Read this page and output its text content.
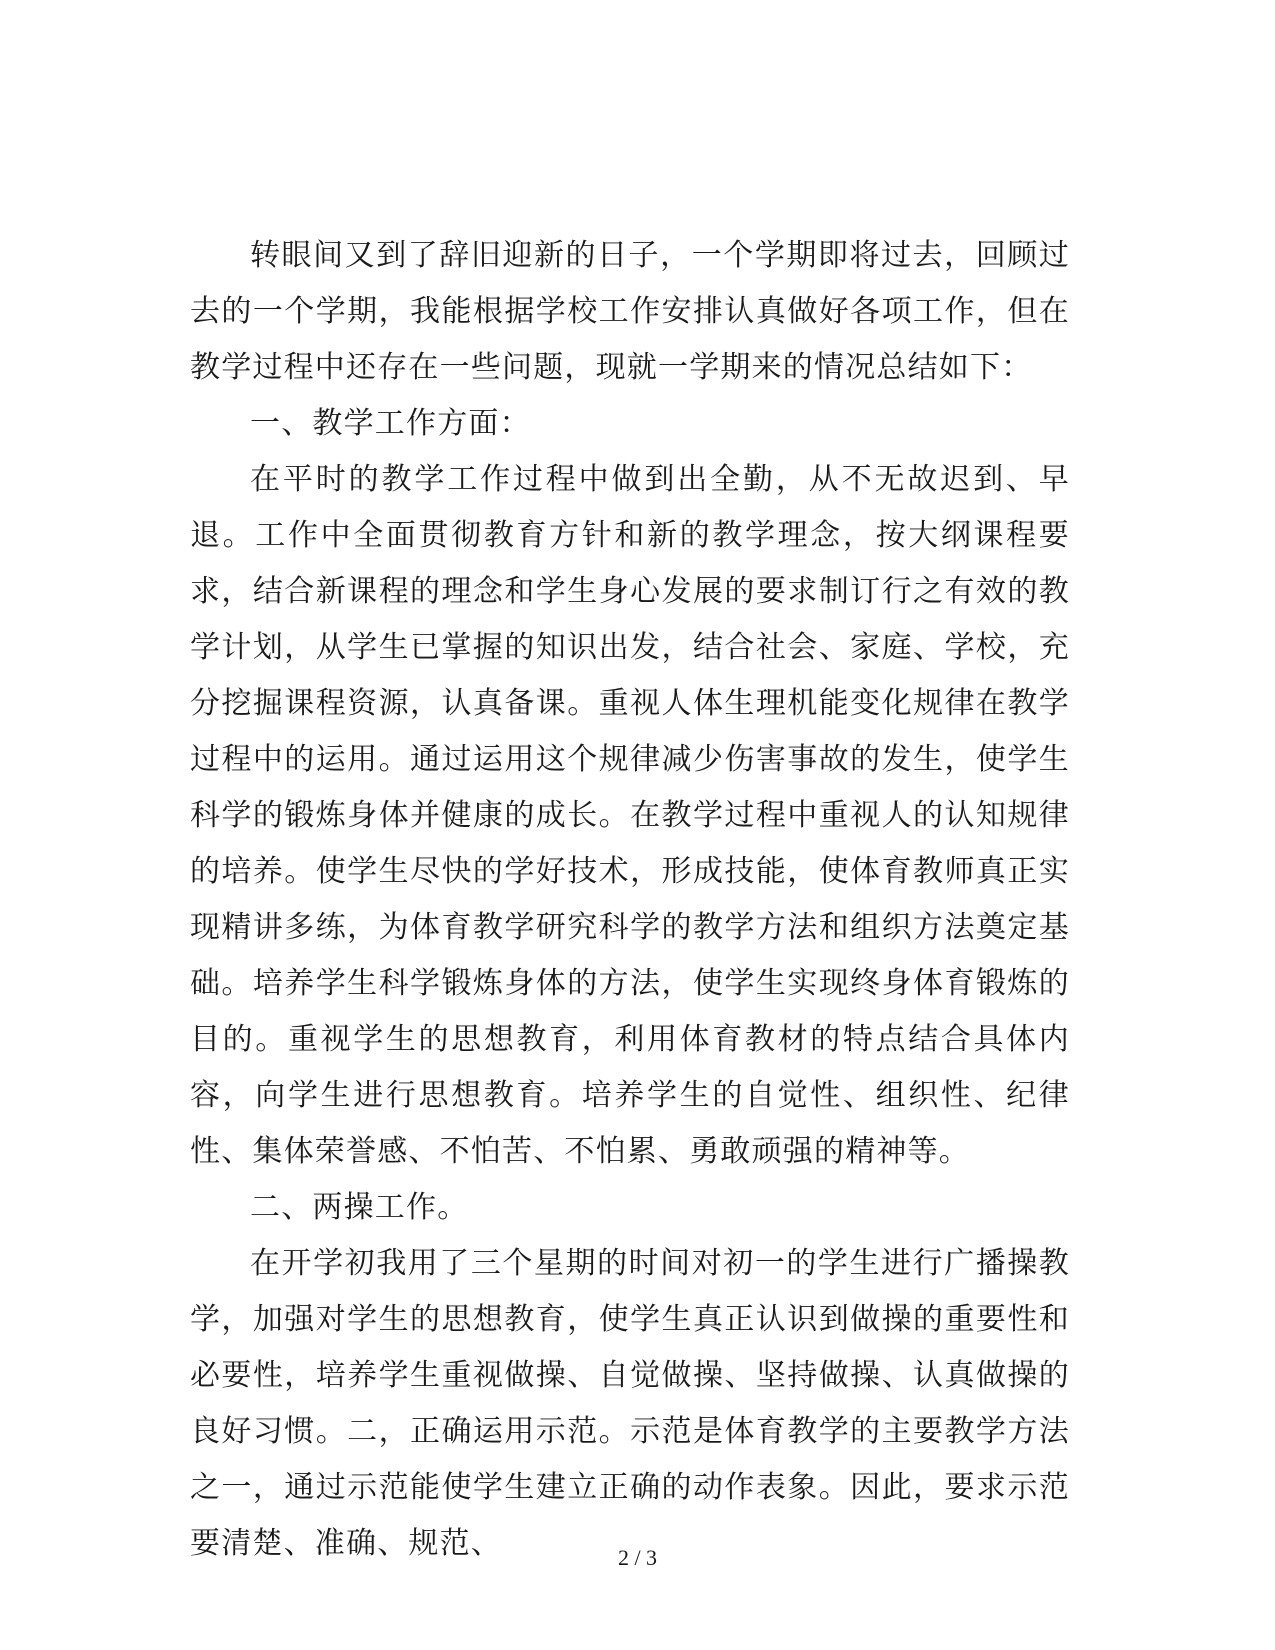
转眼间又到了辞旧迎新的日子，一个学期即将过去，回顾过去的一个学期，我能根据学校工作安排认真做好各项工作，但在教学过程中还存在一些问题，现就一学期来的情况总结如下：

一、教学工作方面：

在平时的教学工作过程中做到出全勤，从不无故迟到、早退。工作中全面贯彻教育方针和新的教学理念，按大纲课程要求，结合新课程的理念和学生身心发展的要求制订行之有效的教学计划，从学生已掌握的知识出发，结合社会、家庭、学校，充分挖掘课程资源，认真备课。重视人体生理机能变化规律在教学过程中的运用。通过运用这个规律减少伤害事故的发生，使学生科学的锻炼身体并健康的成长。在教学过程中重视人的认知规律的培养。使学生尽快的学好技术，形成技能，使体育教师真正实现精讲多练，为体育教学研究科学的教学方法和组织方法奠定基础。培养学生科学锻炼身体的方法，使学生实现终身体育锻炼的目的。重视学生的思想教育，利用体育教材的特点结合具体内容，向学生进行思想教育。培养学生的自觉性、组织性、纪律性、集体荣誉感、不怕苦、不怕累、勇敢顽强的精神等。

二、两操工作。

在开学初我用了三个星期的时间对初一的学生进行广播操教学，加强对学生的思想教育，使学生真正认识到做操的重要性和必要性，培养学生重视做操、自觉做操、坚持做操、认真做操的良好习惯。二，正确运用示范。示范是体育教学的主要教学方法之一，通过示范能使学生建立正确的动作表象。因此，要求示范要清楚、准确、规范、	2 / 3
